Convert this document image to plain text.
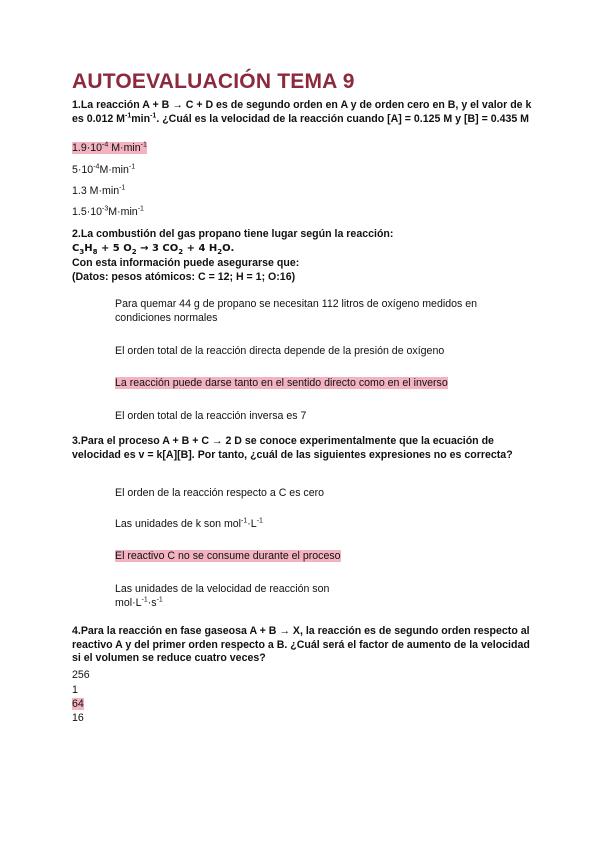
AUTOEVALUACIÓN TEMA 9

1.La reacción A + B → C + D es de segundo orden en A y de orden cero en B, y el valor de k es 0.012 $M^{-1}\min^{-1}$. ¿Cuál es la velocidad de la reacción cuando [A] = 0.125 M y [B] = 0.435 M

$1.9\cdot 10^{-4}$ $M\cdot\min^{-1}$

$5\cdot 10^{-4}M\cdot\min^{-1}$

1.3 $M\cdot\min^{-1}$

$1.5\cdot 10^{-3}M\cdot\min^{-1}$

2.La combustión del gas propano tiene lugar según la reacción:

$C_3H_8 + 5$ $O_2 \to 3$ $CO_2 + 4$ $H_2O$.

Con esta información puede asegurarse que:

(Datos: pesos atómicos: C = 12; H = 1; O:16)

Para quemar 44 g de propano se necesitan 112 litros de oxígeno medidos en condiciones normales

El orden total de la reacción directa depende de la presión de oxígeno

La reacción puede darse tanto en el sentido directo como en el inverso

El orden total de la reacción inversa es 7

3.Para el proceso A + B + C → 2 D se conoce experimentalmente que la ecuación de velocidad es v = k[A][B]. Por tanto, ¿cuál de las siguientes expresiones no es correcta?

El orden de la reacción respecto a C es cero

Las unidades de k son $mol^{-1}\cdot L^{-1}$

El reactivo C no se consume durante el proceso

Las unidades de la velocidad de reacción son
$mol\cdot L^{-1}\cdot s^{-1}$

4.Para la reacción en fase gaseosa A + B → X, la reacción es de segundo orden respecto al reactivo A y del primer orden respecto a B. ¿Cuál será el factor de aumento de la velocidad si el volumen se reduce cuatro veces?

256

1

64

16
